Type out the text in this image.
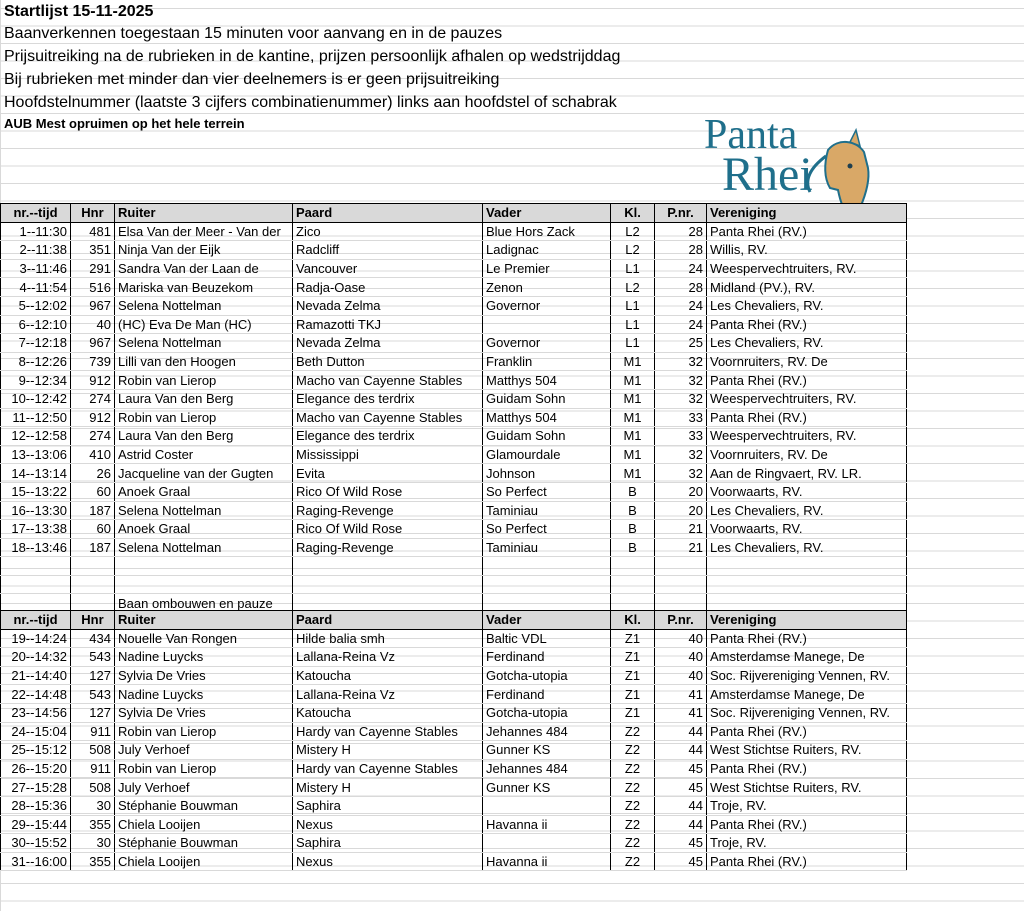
Startlijst 15-11-2025
Baanverkennen toegestaan 15 minuten voor aanvang en in de pauzes
Prijsuitreiking na de rubrieken in de kantine, prijzen persoonlijk afhalen op wedstrijddag
Bij rubrieken met minder dan vier deelnemers is er geen prijsuitreiking
Hoofdstelnummer (laatste 3 cijfers combinatienummer) links aan hoofdstel of schabrak
AUB Mest opruimen op het hele terrein	Panta
Rhei
nr.--tijd	Hnr	Ruiter	Paard	Vader	Kl.	P.nr.	Vereniging
1--11:30	481	Elsa Van der Meer - Van der	Zico	Blue Hors Zack	L2	28	Panta Rhei (RV.)
2--11:38	351	Ninja Van der Eijk	Radcliff	Ladignac	L2	28	Willis, RV.
3--11:46	291	Sandra Van der Laan de	Vancouver	Le Premier	L1	24	Weespervechtruiters, RV.
4--11:54	516	Mariska van Beuzekom	Radja-Oase	Zenon	L2	28	Midland (PV.), RV.
5--12:02	967	Selena Nottelman	Nevada Zelma	Governor	L1	24	Les Chevaliers, RV.
6--12:10	40	(HC) Eva De Man (HC)	Ramazotti TKJ		L1	24	Panta Rhei (RV.)
7--12:18	967	Selena Nottelman	Nevada Zelma	Governor	L1	25	Les Chevaliers, RV.
8--12:26	739	Lilli van den Hoogen	Beth Dutton	Franklin	M1	32	Voornruiters, RV. De
9--12:34	912	Robin van Lierop	Macho van Cayenne Stables	Matthys 504	M1	32	Panta Rhei (RV.)
10--12:42	274	Laura Van den Berg	Elegance des terdrix	Guidam Sohn	M1	32	Weespervechtruiters, RV.
11--12:50	912	Robin van Lierop	Macho van Cayenne Stables	Matthys 504	M1	33	Panta Rhei (RV.)
12--12:58	274	Laura Van den Berg	Elegance des terdrix	Guidam Sohn	M1	33	Weespervechtruiters, RV.
13--13:06	410	Astrid Coster	Mississippi	Glamourdale	M1	32	Voornruiters, RV. De
14--13:14	26	Jacqueline van der Gugten	Evita	Johnson	M1	32	Aan de Ringvaert, RV. LR.
15--13:22	60	Anoek Graal	Rico Of Wild Rose	So Perfect	B	20	Voorwaarts, RV.
16--13:30	187	Selena Nottelman	Raging-Revenge	Taminiau	B	20	Les Chevaliers, RV.
17--13:38	60	Anoek Graal	Rico Of Wild Rose	So Perfect	B	21	Voorwaarts, RV.
18--13:46	187	Selena Nottelman	Raging-Revenge	Taminiau	B	21	Les Chevaliers, RV.

		Baan ombouwen en pauze					
nr.--tijd	Hnr	Ruiter	Paard	Vader	Kl.	P.nr.	Vereniging
19--14:24	434	Nouelle Van Rongen	Hilde balia smh	Baltic VDL	Z1	40	Panta Rhei (RV.)
20--14:32	543	Nadine Luycks	Lallana-Reina Vz	Ferdinand	Z1	40	Amsterdamse Manege, De
21--14:40	127	Sylvia De Vries	Katoucha	Gotcha-utopia	Z1	40	Soc. Rijvereniging Vennen, RV.
22--14:48	543	Nadine Luycks	Lallana-Reina Vz	Ferdinand	Z1	41	Amsterdamse Manege, De
23--14:56	127	Sylvia De Vries	Katoucha	Gotcha-utopia	Z1	41	Soc. Rijvereniging Vennen, RV.
24--15:04	911	Robin van Lierop	Hardy van Cayenne Stables	Jehannes 484	Z2	44	Panta Rhei (RV.)
25--15:12	508	July Verhoef	Mistery H	Gunner KS	Z2	44	West Stichtse Ruiters, RV.
26--15:20	911	Robin van Lierop	Hardy van Cayenne Stables	Jehannes 484	Z2	45	Panta Rhei (RV.)
27--15:28	508	July Verhoef	Mistery H	Gunner KS	Z2	45	West Stichtse Ruiters, RV.
28--15:36	30	Stéphanie Bouwman	Saphira		Z2	44	Troje, RV.
29--15:44	355	Chiela Looijen	Nexus	Havanna ii	Z2	44	Panta Rhei (RV.)
30--15:52	30	Stéphanie Bouwman	Saphira		Z2	45	Troje, RV.
31--16:00	355	Chiela Looijen	Nexus	Havanna ii	Z2	45	Panta Rhei (RV.)
